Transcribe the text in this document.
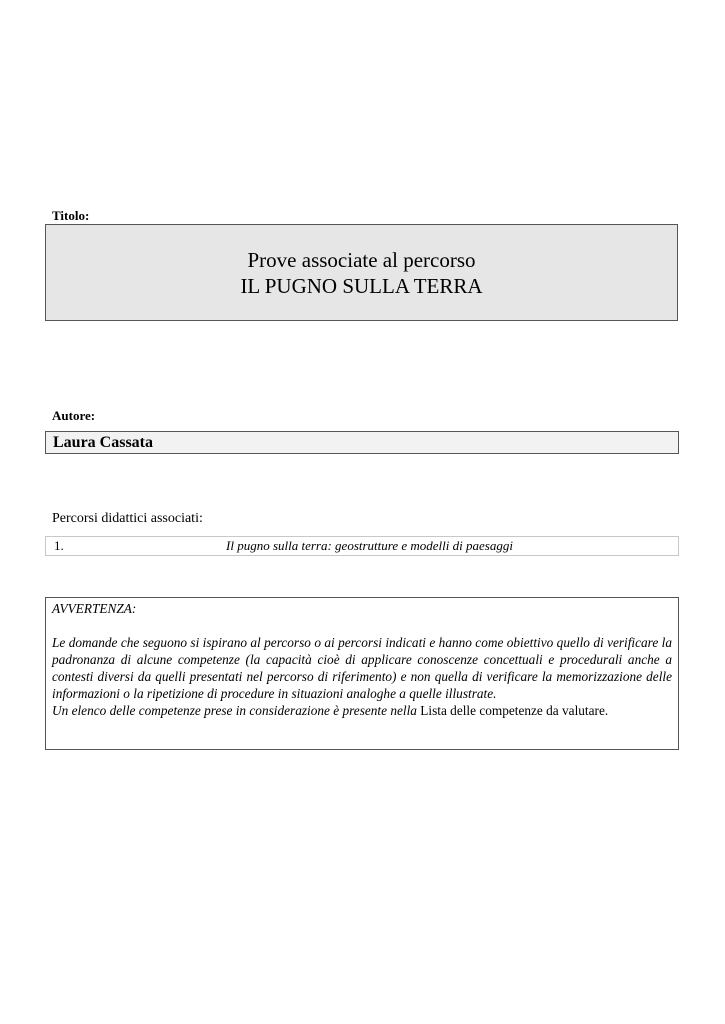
Titolo:
Prove associate al percorso
IL PUGNO SULLA TERRA
Autore:
Laura Cassata
Percorsi didattici associati:
1.	Il pugno sulla terra: geostrutture e modelli di paesaggi
AVVERTENZA:
Le domande che seguono si ispirano al percorso o ai percorsi indicati e hanno come obiettivo quello di verificare la padronanza di alcune competenze (la capacità cioè di applicare conoscenze concettuali e procedurali anche a contesti diversi da quelli presentati nel percorso di riferimento) e non quella di verificare la memorizzazione delle informazioni o la ripetizione di procedure in situazioni analoghe a quelle illustrate.
Un elenco delle competenze prese in considerazione è presente nella Lista delle competenze da valutare.
